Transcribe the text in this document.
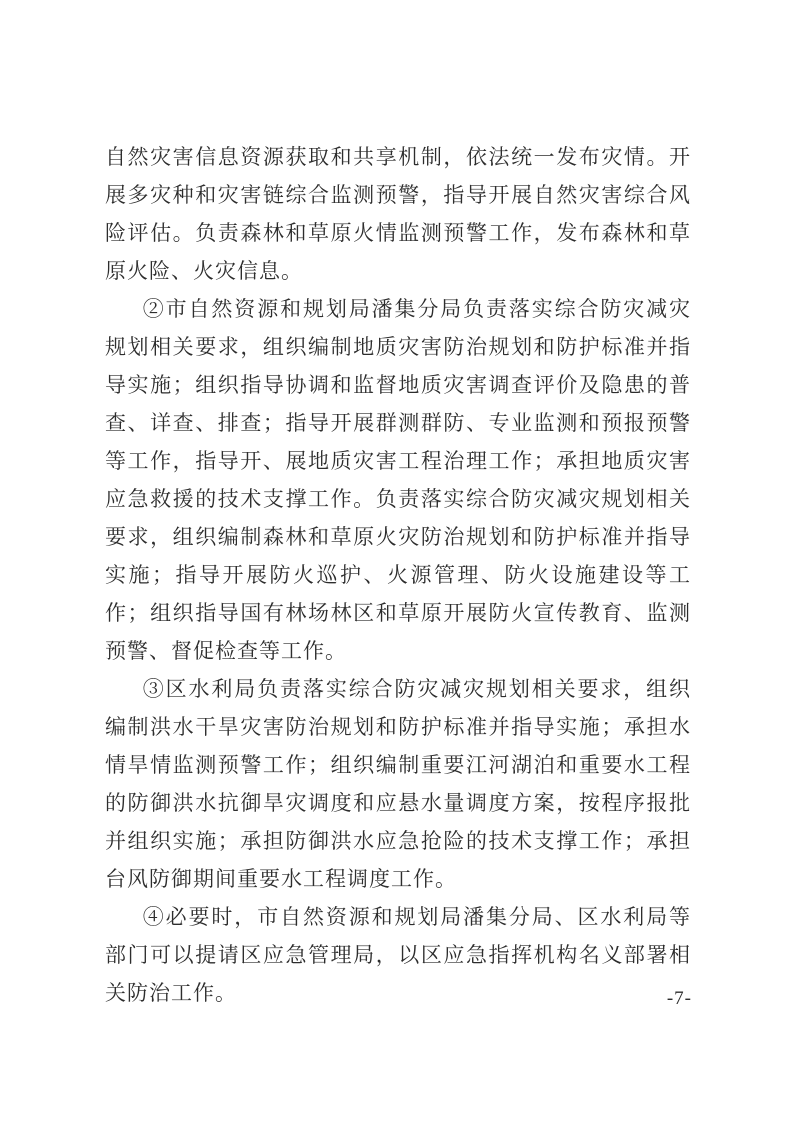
自然灾害信息资源获取和共享机制，依法统一发布灾情。开展多灾种和灾害链综合监测预警，指导开展自然灾害综合风险评估。负责森林和草原火情监测预警工作，发布森林和草原火险、火灾信息。

②市自然资源和规划局潘集分局负责落实综合防灾减灾规划相关要求，组织编制地质灾害防治规划和防护标准并指导实施；组织指导协调和监督地质灾害调查评价及隐患的普查、详查、排查；指导开展群测群防、专业监测和预报预警等工作，指导开、展地质灾害工程治理工作；承担地质灾害应急救援的技术支撑工作。负责落实综合防灾减灾规划相关要求，组织编制森林和草原火灾防治规划和防护标准并指导实施；指导开展防火巡护、火源管理、防火设施建设等工作；组织指导国有林场林区和草原开展防火宣传教育、监测预警、督促检查等工作。

③区水利局负责落实综合防灾减灾规划相关要求，组织编制洪水干旱灾害防治规划和防护标准并指导实施；承担水情旱情监测预警工作；组织编制重要江河湖泊和重要水工程的防御洪水抗御旱灾调度和应悬水量调度方案，按程序报批并组织实施；承担防御洪水应急抢险的技术支撑工作；承担台风防御期间重要水工程调度工作。

④必要时，市自然资源和规划局潘集分局、区水利局等部门可以提请区应急管理局，以区应急指挥机构名义部署相关防治工作。	-7-
